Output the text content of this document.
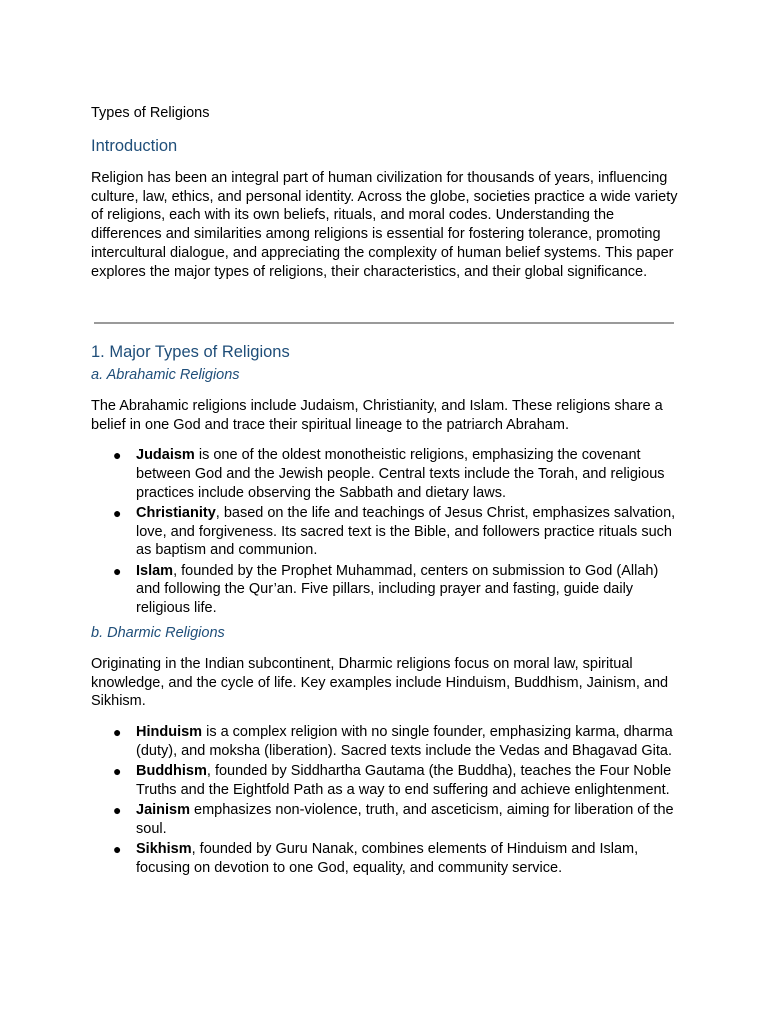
Types of Religions
Introduction

Religion has been an integral part of human civilization for thousands of years, influencing culture, law, ethics, and personal identity. Across the globe, societies practice a wide variety of religions, each with its own beliefs, rituals, and moral codes. Understanding the differences and similarities among religions is essential for fostering tolerance, promoting intercultural dialogue, and appreciating the complexity of human belief systems. This paper explores the major types of religions, their characteristics, and their global significance.

1. Major Types of Religions
a. Abrahamic Religions

The Abrahamic religions include Judaism, Christianity, and Islam. These religions share a belief in one God and trace their spiritual lineage to the patriarch Abraham.

● Judaism is one of the oldest monotheistic religions, emphasizing the covenant between God and the Jewish people. Central texts include the Torah, and religious practices include observing the Sabbath and dietary laws.
● Christianity, based on the life and teachings of Jesus Christ, emphasizes salvation, love, and forgiveness. Its sacred text is the Bible, and followers practice rituals such as baptism and communion.
● Islam, founded by the Prophet Muhammad, centers on submission to God (Allah) and following the Qur’an. Five pillars, including prayer and fasting, guide daily religious life.
b. Dharmic Religions

Originating in the Indian subcontinent, Dharmic religions focus on moral law, spiritual knowledge, and the cycle of life. Key examples include Hinduism, Buddhism, Jainism, and Sikhism.

● Hinduism is a complex religion with no single founder, emphasizing karma, dharma (duty), and moksha (liberation). Sacred texts include the Vedas and Bhagavad Gita.
● Buddhism, founded by Siddhartha Gautama (the Buddha), teaches the Four Noble Truths and the Eightfold Path as a way to end suffering and achieve enlightenment.
● Jainism emphasizes non-violence, truth, and asceticism, aiming for liberation of the soul.
● Sikhism, founded by Guru Nanak, combines elements of Hinduism and Islam, focusing on devotion to one God, equality, and community service.
